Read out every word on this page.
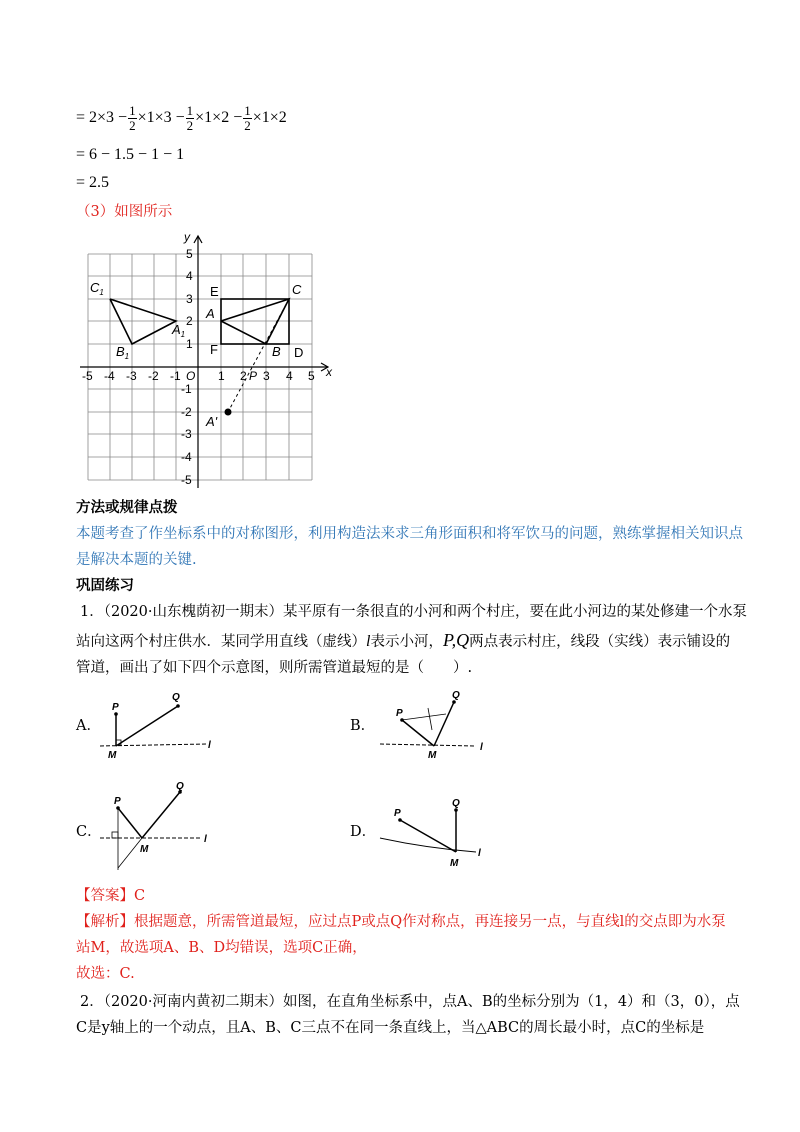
= $2\times 3 - \frac{1}{2} \times 1\times 3 - \frac{1}{2} \times 1\times 2 - \frac{1}{2} \times 1\times 2$
= 6 − 1.5 − 1 − 1
= 2.5
（3）如图所示
-5 -4 -3 -2 -1 O 1 2 P 3 4 5 x
y
5
4
3
2
1
-1
-2
-3
-4
-5
$C_1$
$B_1$
$A_1$
E	C
A
F	B D
A'
方法或规律点拨
本题考查了作坐标系中的对称图形，利用构造法来求三角形面积和将军饮马的问题，熟练掌握相关知识点
是解决本题的关键.
巩固练习
1．（2020·山东槐荫初一期末）某平原有一条很直的小河和两个村庄，要在此小河边的某处修建一个水泵
站向这两个村庄供水．某同学用直线（虚线）l表示小河，P,Q两点表示村庄，线段（实线）表示铺设的
管道，画出了如下四个示意图，则所需管道最短的是（　　）.
A．
P
Q
M
l
B．
P
Q
M
l
C．
P
Q
M
l	D．
P
Q
M
l
【答案】C
【解析】根据题意，所需管道最短，应过点P或点Q作对称点，再连接另一点，与直线l的交点即为水泵
站M，故选项A、B、D均错误，选项C正确，
故选：C.
2．（2020·河南内黄初二期末）如图，在直角坐标系中，点A、B的坐标分别为（1，4）和（3，0），点
C是y轴上的一个动点，且A、B、C三点不在同一条直线上，当△ABC的周长最小时，点C的坐标是
